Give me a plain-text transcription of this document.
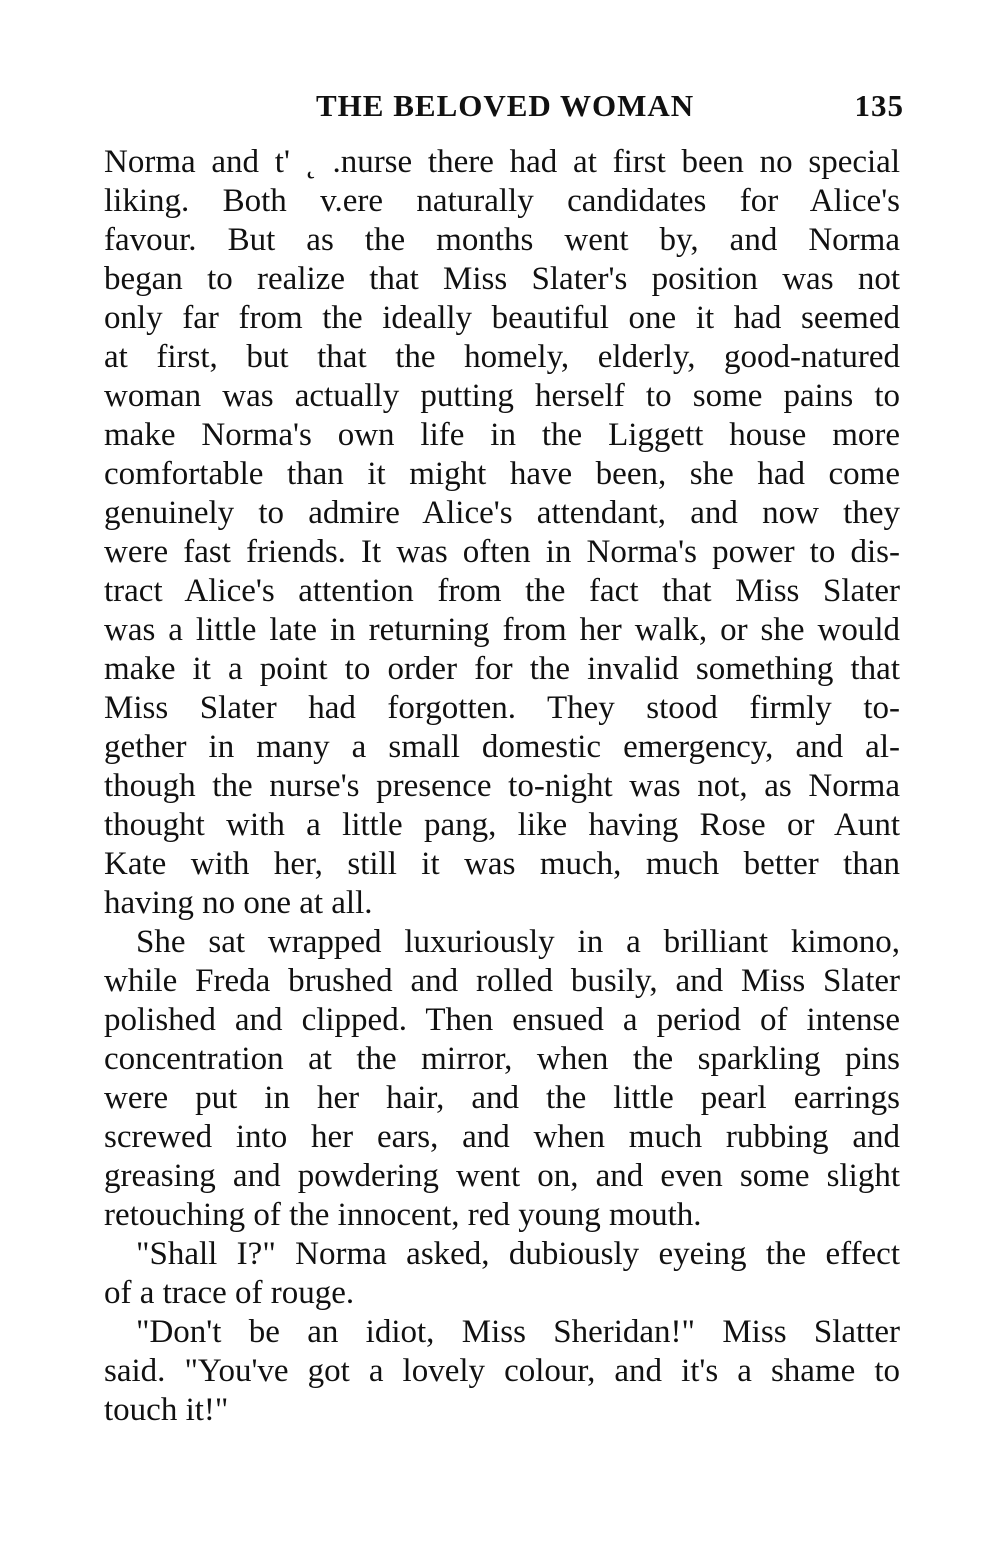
THE BELOVED WOMAN	135
Norma and t' ˛ .nurse there had at first been no special
liking. Both v.ere naturally candidates for Alice's
favour. But as the months went by, and Norma
began to realize that Miss Slater's position was not
only far from the ideally beautiful one it had seemed
at first, but that the homely, elderly, good-natured
woman was actually putting herself to some pains to
make Norma's own life in the Liggett house more
comfortable than it might have been, she had come
genuinely to admire Alice's attendant, and now they
were fast friends. It was often in Norma's power to dis-
tract Alice's attention from the fact that Miss Slater
was a little late in returning from her walk, or she would
make it a point to order for the invalid something that
Miss Slater had forgotten. They stood firmly to-
gether in many a small domestic emergency, and al-
though the nurse's presence to-night was not, as Norma
thought with a little pang, like having Rose or Aunt
Kate with her, still it was much, much better than
having no one at all.
She sat wrapped luxuriously in a brilliant kimono,
while Freda brushed and rolled busily, and Miss Slater
polished and clipped. Then ensued a period of intense
concentration at the mirror, when the sparkling pins
were put in her hair, and the little pearl earrings
screwed into her ears, and when much rubbing and
greasing and powdering went on, and even some slight
retouching of the innocent, red young mouth.
"Shall I?" Norma asked, dubiously eyeing the effect
of a trace of rouge.
"Don't be an idiot, Miss Sheridan!" Miss Slatter
said. "You've got a lovely colour, and it's a shame to
touch it!"
